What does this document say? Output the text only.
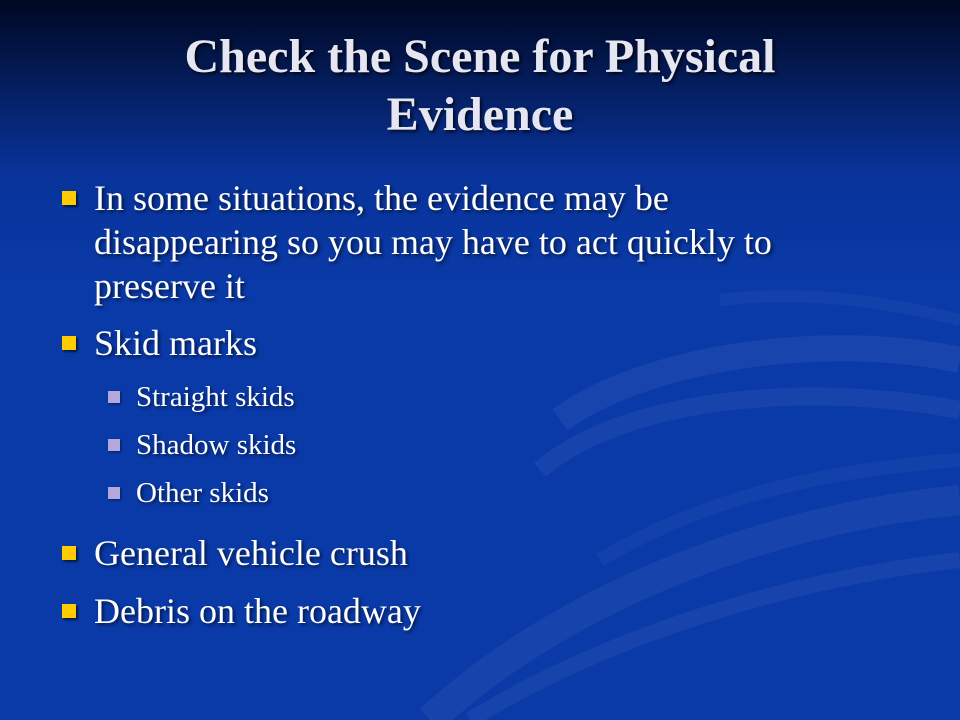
Check the Scene for Physical
Evidence
In some situations, the evidence may be
disappearing so you may have to act quickly to
preserve it
Skid marks
Straight skids
Shadow skids
Other skids
General vehicle crush
Debris on the roadway
